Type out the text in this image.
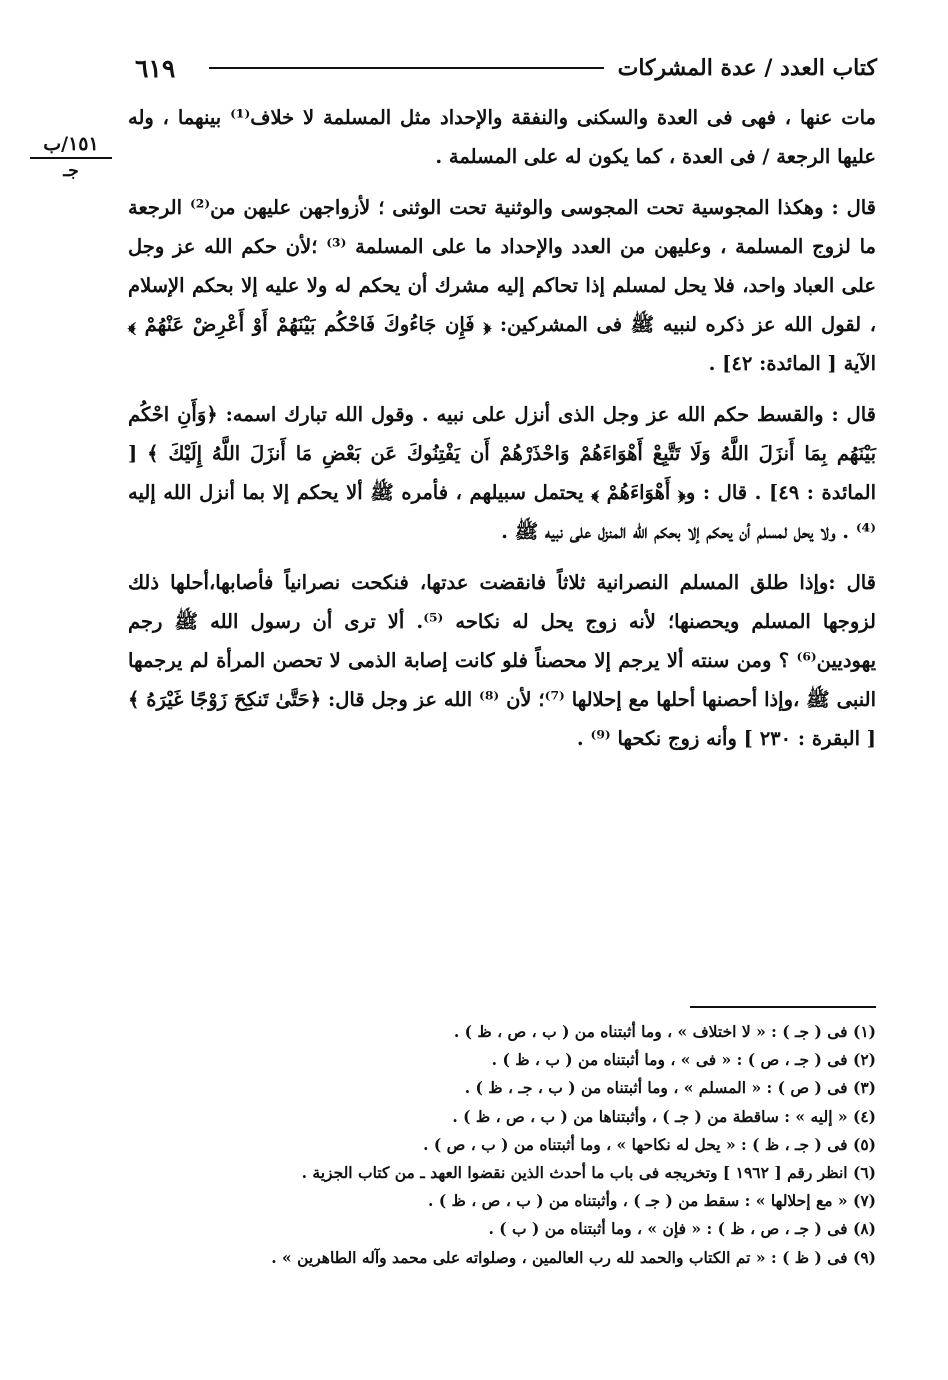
٦١٩	كتاب العدد / عدة المشركات
١٥١/ب
جـ

مات عنها ، فهى فى العدة والسكنى والنفقة والإحداد مثل المسلمة لا خلاف⁽¹⁾ بينهما ، وله عليها الرجعة / فى العدة ، كما يكون له على المسلمة .

قال : وهكذا المجوسية تحت المجوسى والوثنية تحت الوثنى ؛ لأزواجهن عليهن من⁽²⁾ الرجعة ما لزوج المسلمة ، وعليهن من العدد والإحداد ما على المسلمة ⁽³⁾ ؛لأن حكم الله عز وجل على العباد واحد، فلا يحل لمسلم إذا تحاكم إليه مشرك أن يحكم له ولا عليه إلا بحكم الإسلام ، لقول الله عز ذكره لنبيه ﷺ فى المشركين: ﴿ فَإِن جَاءُوكَ فَاحْكُم بَيْنَهُمْ أَوْ أَعْرِضْ عَنْهُمْ ﴾ الآية [ المائدة: ٤٢] .

قال : والقسط حكم الله عز وجل الذى أنزل على نبيه . وقول الله تبارك اسمه: ﴿وَأَنِ احْكُم بَيْنَهُم بِمَا أَنزَلَ اللَّهُ وَلَا تَتَّبِعْ أَهْوَاءَهُمْ وَاحْذَرْهُمْ أَن يَفْتِنُوكَ عَن بَعْضِ مَا أَنزَلَ اللَّهُ إِلَيْكَ ﴾ [ المائدة : ٤٩] . قال : و﴿ أَهْوَاءَهُمْ ﴾ يحتمل سبيلهم ، فأمره ﷺ ألا يحكم إلا بما أنزل الله إليه ⁽⁴⁾ . ولا يحل لمسلم أن يحكم إلا بحكم الله المنزل على نبيه ﷺ .

قال :وإذا طلق المسلم النصرانية ثلاثاً فانقضت عدتها، فنكحت نصرانياً فأصابها،أحلها ذلك لزوجها المسلم ويحصنها؛ لأنه زوج يحل له نكاحه ⁽⁵⁾. ألا ترى أن رسول الله ﷺ رجم يهوديين⁽⁶⁾ ؟ ومن سنته ألا يرجم إلا محصناً فلو كانت إصابة الذمى لا تحصن المرأة لم يرجمها النبى ﷺ ،وإذا أحصنها أحلها مع إحلالها ⁽⁷⁾؛ لأن ⁽⁸⁾ الله عز وجل قال: ﴿حَتَّىٰ تَنكِحَ زَوْجًا غَيْرَهُ ﴾ [ البقرة : ٢٣٠ ] وأنه زوج نكحها ⁽⁹⁾ .

(١) فى ( جـ ) : « لا اختلاف » ، وما أثبتناه من ( ب ، ص ، ظ ) .

(٢) فى ( جـ ، ص ) : « فى » ، وما أثبتناه من ( ب ، ظ ) .

(٣) فى ( ص ) : « المسلم » ، وما أثبتناه من ( ب ، جـ ، ظ ) .

(٤) « إليه » : ساقطة من ( جـ ) ، وأثبتناها من ( ب ، ص ، ظ ) .

(٥) فى ( جـ ، ظ ) : « يحل له نكاحها » ، وما أثبتناه من ( ب ، ص ) .

(٦) انظر رقم [ ١٩٦٢ ] وتخريجه فى باب ما أحدث الذين نقضوا العهد ـ من كتاب الجزية .

(٧) « مع إحلالها » : سقط من ( جـ ) ، وأثبتناه من ( ب ، ص ، ظ ) .

(٨) فى ( جـ ، ص ، ظ ) : « فإن » ، وما أثبتناه من ( ب ) .

(٩) فى ( ظ ) : « تم الكتاب والحمد لله رب العالمين ، وصلواته على محمد وآله الطاهرين » .
